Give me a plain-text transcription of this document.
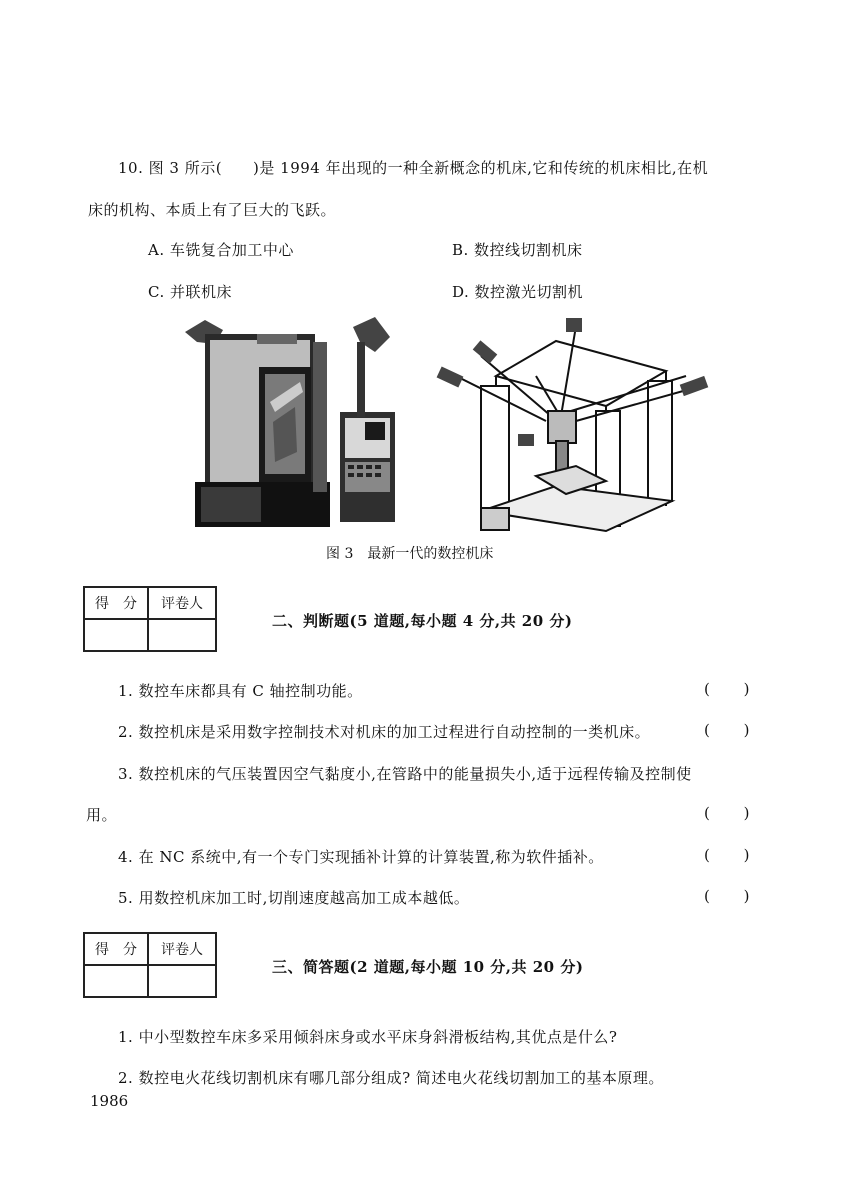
10. 图 3 所示(　　)是 1994 年出现的一种全新概念的机床,它和传统的机床相比,在机
床的机构、本质上有了巨大的飞跃。
A. 车铣复合加工中心	B. 数控线切割机床
C. 并联机床	D. 数控激光切割机
图 3　最新一代的数控机床
得　分	评卷人

二、判断题(5 道题,每小题 4 分,共 20 分)
1. 数控车床都具有 C 轴控制功能。	( )
2. 数控机床是采用数字控制技术对机床的加工过程进行自动控制的一类机床。	( )
3. 数控机床的气压装置因空气黏度小,在管路中的能量损失小,适于远程传输及控制使
用。	( )
4. 在 NC 系统中,有一个专门实现插补计算的计算装置,称为软件插补。	( )
5. 用数控机床加工时,切削速度越高加工成本越低。	( )
得　分	评卷人

三、简答题(2 道题,每小题 10 分,共 20 分)
1. 中小型数控车床多采用倾斜床身或水平床身斜滑板结构,其优点是什么?
2. 数控电火花线切割机床有哪几部分组成? 简述电火花线切割加工的基本原理。
1986
